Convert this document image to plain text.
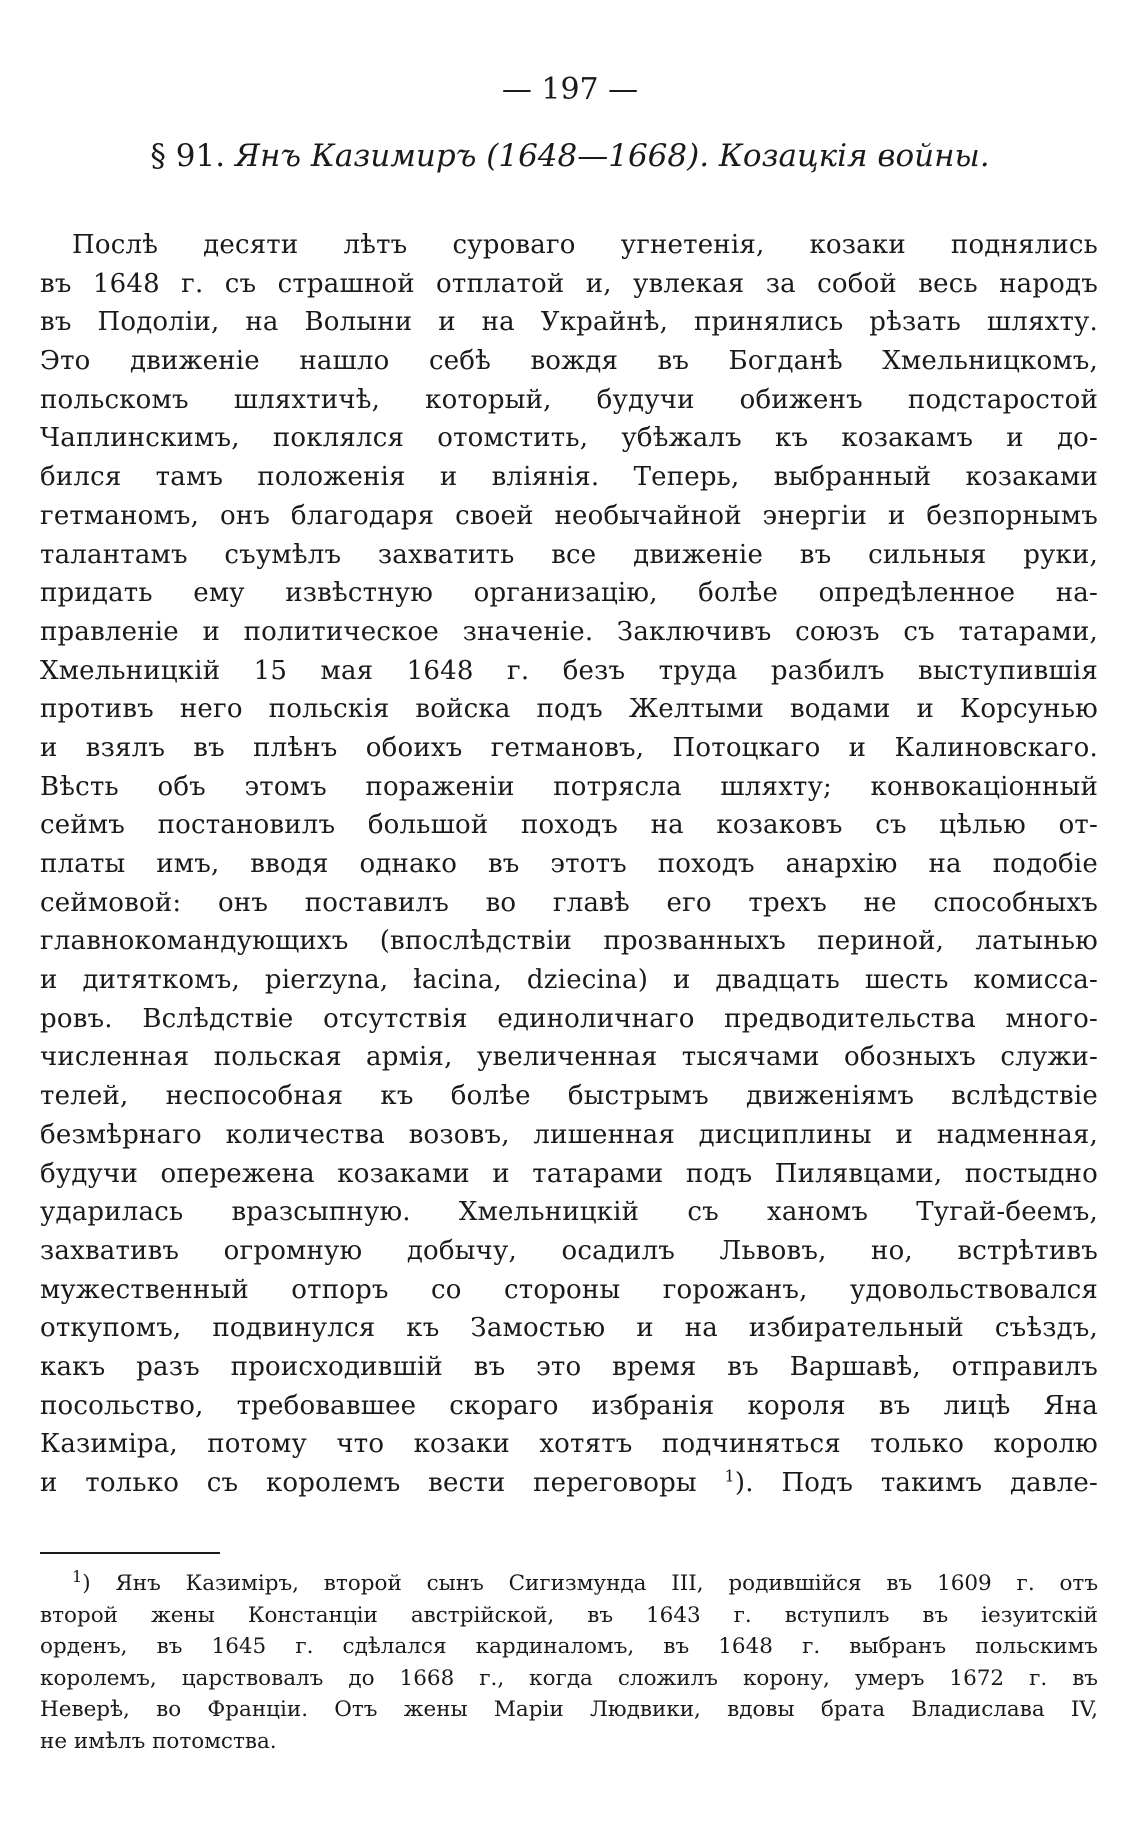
— 197 —
§ 91. Янъ Казимиръ (1648—1668). Козацкія войны.
Послѣ десяти лѣтъ суроваго угнетенія, козаки поднялись
въ 1648 г. съ страшной отплатой и, увлекая за собой весь народъ
въ Подоліи, на Волыни и на Украйнѣ, принялись рѣзать шляхту.
Это движеніе нашло себѣ вождя въ Богданѣ Хмельницкомъ,
польскомъ шляхтичѣ, который, будучи обиженъ подстаростой
Чаплинскимъ, поклялся отомстить, убѣжалъ къ козакамъ и до-
бился тамъ положенія и вліянія. Теперь, выбранный козаками
гетманомъ, онъ благодаря своей необычайной энергіи и безпорнымъ
талантамъ съумѣлъ захватить все движеніе въ сильныя руки,
придать ему извѣстную организацію, болѣе опредѣленное на-
правленіе и политическое значеніе. Заключивъ союзъ съ татарами,
Хмельницкій 15 мая 1648 г. безъ труда разбилъ выступившія
противъ него польскія войска подъ Желтыми водами и Корсунью
и взялъ въ плѣнъ обоихъ гетмановъ, Потоцкаго и Калиновскаго.
Вѣсть объ этомъ пораженіи потрясла шляхту; конвокаціонный
сеймъ постановилъ большой походъ на козаковъ съ цѣлью от-
платы имъ, вводя однако въ этотъ походъ анархію на подобіе
сеймовой: онъ поставилъ во главѣ его трехъ не способныхъ
главнокомандующихъ (впослѣдствіи прозванныхъ периной, латынью
и дитяткомъ, pierzyna, łacina, dziecina) и двадцать шесть комиссa-
ровъ. Вслѣдствіе отсутствія единоличнаго предводительства много-
численная польская армія, увеличенная тысячами обозныхъ служи-
телей, неспособная къ болѣе быстрымъ движеніямъ вслѣдствіе
безмѣрнаго количества возовъ, лишенная дисциплины и надменная,
будучи опережена козаками и татарами подъ Пилявцами, постыдно
ударилась вразсыпную. Хмельницкій съ ханомъ Тугай-беемъ,
захвативъ огромную добычу, осадилъ Львовъ, но, встрѣтивъ
мужественный отпоръ со стороны горожанъ, удовольствовался
откупомъ, подвинулся къ Замостью и на избирательный съѣздъ,
какъ разъ происходившій въ это время въ Варшавѣ, отправилъ
посольство, требовавшее скораго избранія короля въ лицѣ Яна
Казиміра, потому что козаки хотятъ подчиняться только королю
и только съ королемъ вести переговоры $^1$). Подъ такимъ давле-
$^1$) Янъ Казиміръ, второй сынъ Сигизмунда III, родившійся въ 1609 г. отъ
второй жены Констанціи австрійской, въ 1643 г. вступилъ въ іезуитскій
орденъ, въ 1645 г. сдѣлался кардиналомъ, въ 1648 г. выбранъ польскимъ
королемъ, царствовалъ до 1668 г., когда сложилъ корону, умеръ 1672 г. въ
Неверѣ, во Франціи. Отъ жены Маріи Людвики, вдовы брата Владислава IV,
не имѣлъ потомства.
